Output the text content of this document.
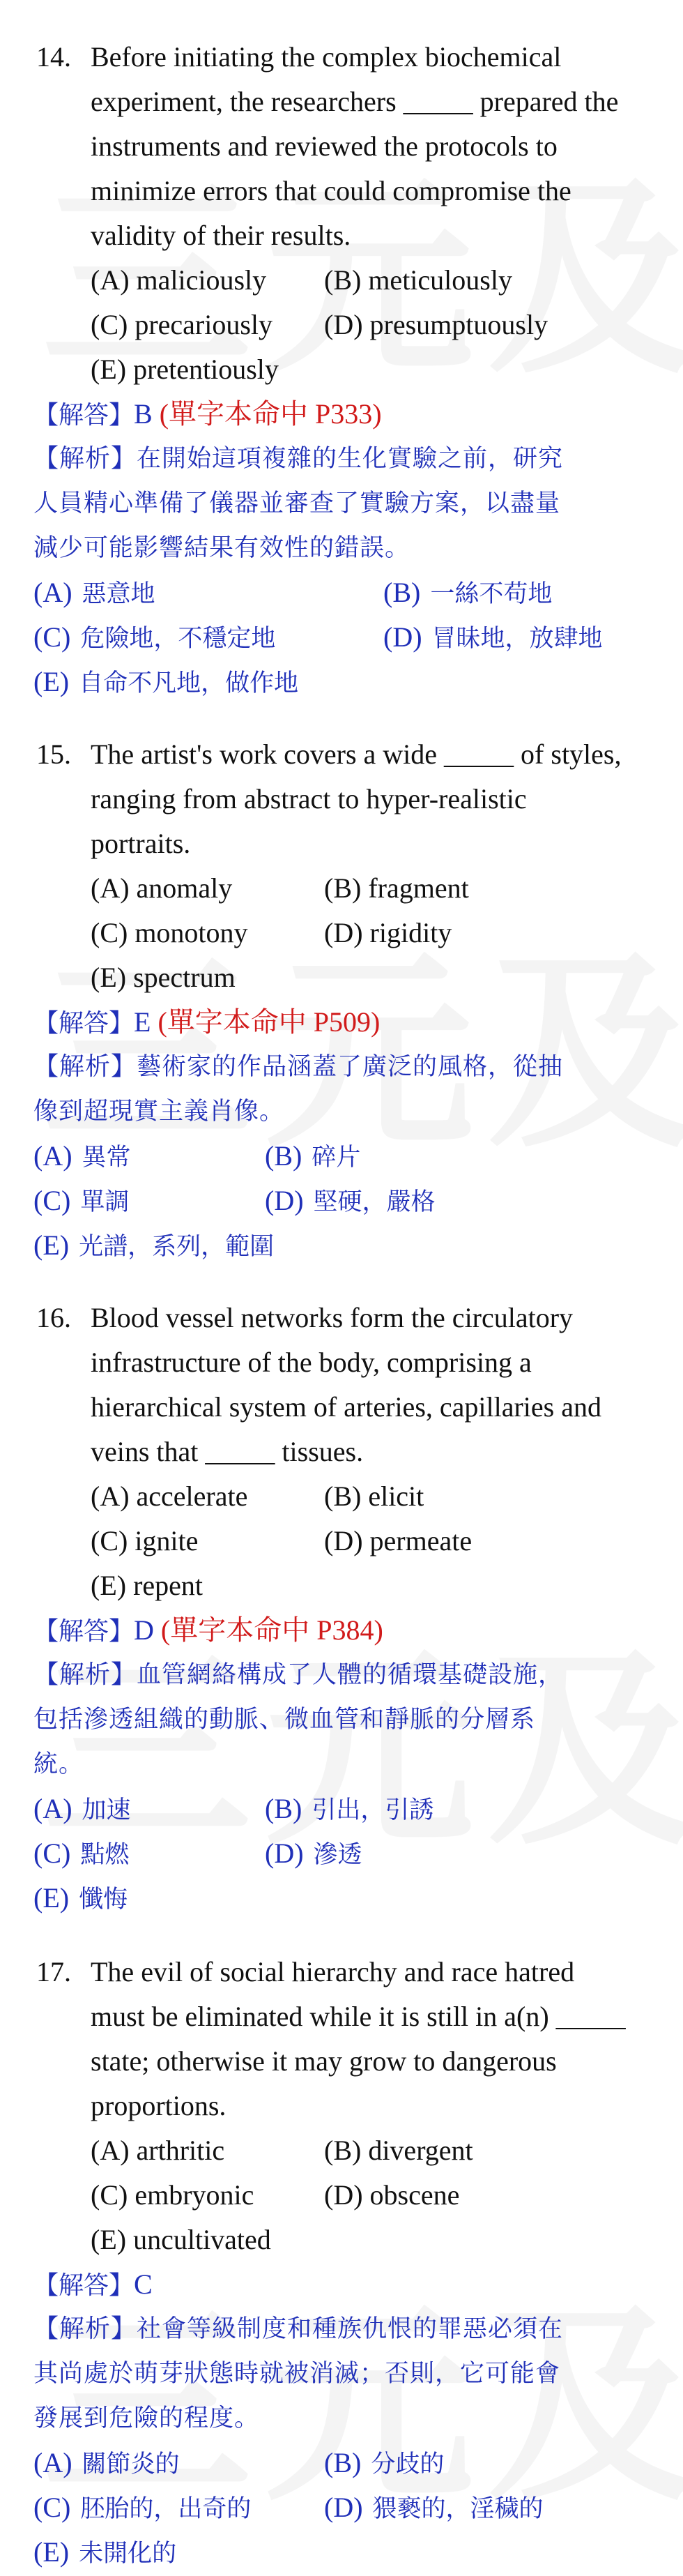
14. Before initiating the complex biochemical

experiment, the researchers _____ prepared the

instruments and reviewed the protocols to

minimize errors that could compromise the

validity of their results.

(A) maliciously (B) meticulously
(C) precariously (D) presumptuously
(E) pretentiously
【解答】B (單字本命中 P333)

【解析】在開始這項複雜的生化實驗之前，研究

人員精心準備了儀器並審查了實驗方案，以盡量

減少可能影響結果有效性的錯誤。

(A) 惡意地	(B) 一絲不苟地
(C) 危險地，不穩定地	(D) 冒昧地，放肆地
(E) 自命不凡地，做作地
15. The artist's work covers a wide _____ of styles,

ranging from abstract to hyper-realistic

portraits.

(A) anomaly	(B) fragment
(C) monotony	(D) rigidity
(E) spectrum
【解答】E (單字本命中 P509)

【解析】藝術家的作品涵蓋了廣泛的風格，從抽

像到超現實主義肖像。

(A) 異常	(B) 碎片
(C) 單調	(D) 堅硬，嚴格
(E) 光譜，系列，範圍
16. Blood vessel networks form the circulatory

infrastructure of the body, comprising a

hierarchical system of arteries, capillaries and

veins that _____ tissues.

(A) accelerate	(B) elicit
(C) ignite	(D) permeate
(E) repent
【解答】D (單字本命中 P384)

【解析】血管網絡構成了人體的循環基礎設施，

包括滲透組織的動脈、微血管和靜脈的分層系

統。

(A) 加速	(B) 引出，引誘
(C) 點燃	(D) 滲透
(E) 懺悔
17. The evil of social hierarchy and race hatred

must be eliminated while it is still in a(n) _____

state; otherwise it may grow to dangerous

proportions.

(A) arthritic	(B) divergent
(C) embryonic	(D) obscene
(E) uncultivated
【解答】C

【解析】社會等級制度和種族仇恨的罪惡必須在

其尚處於萌芽狀態時就被消滅；否則，它可能會

發展到危險的程度。

(A) 關節炎的	(B) 分歧的
(C) 胚胎的，出奇的	(D) 猥褻的，淫穢的
(E) 未開化的
